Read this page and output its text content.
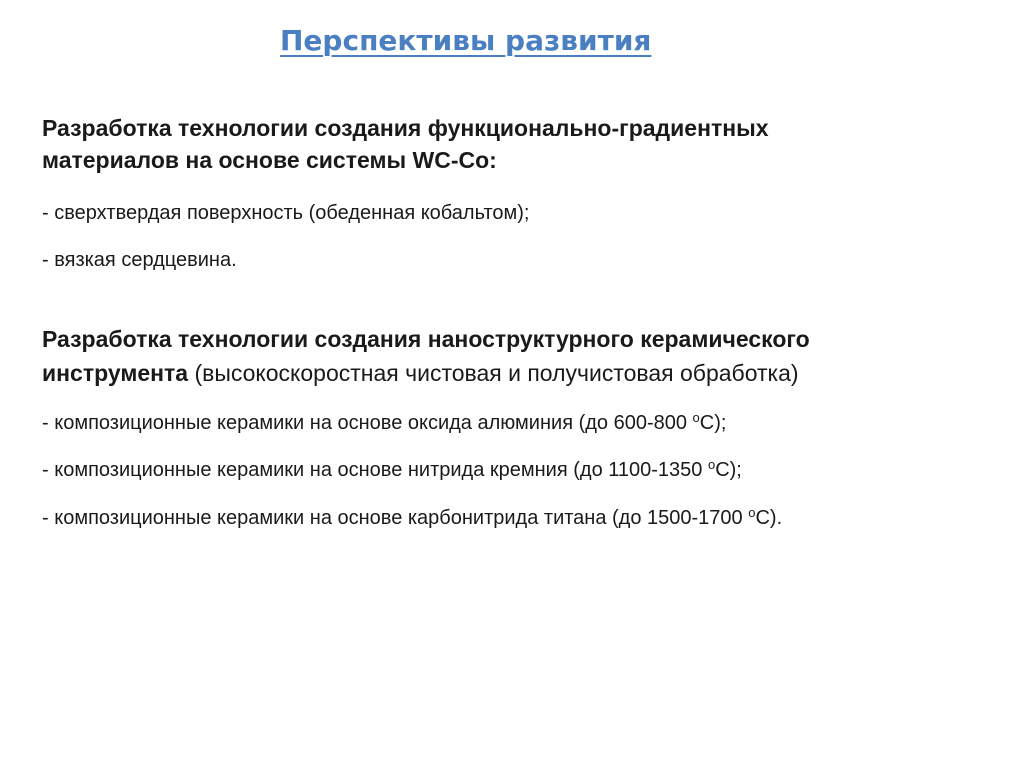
Перспективы развития
Разработка технологии создания функционально-градиентных
материалов на основе системы WC-Co:
- сверхтвердая поверхность (обеденная кобальтом);
- вязкая сердцевина.
Разработка технологии создания наноструктурного керамического
инструмента (высокоскоростная чистовая и получистовая обработка)
- композиционные керамики на основе оксида алюминия (до 600-800 $^о$С);
- композиционные керамики на основе нитрида кремния (до 1100-1350 $^о$С);
- композиционные керамики на основе карбонитрида титана (до 1500-1700 $^о$С).
